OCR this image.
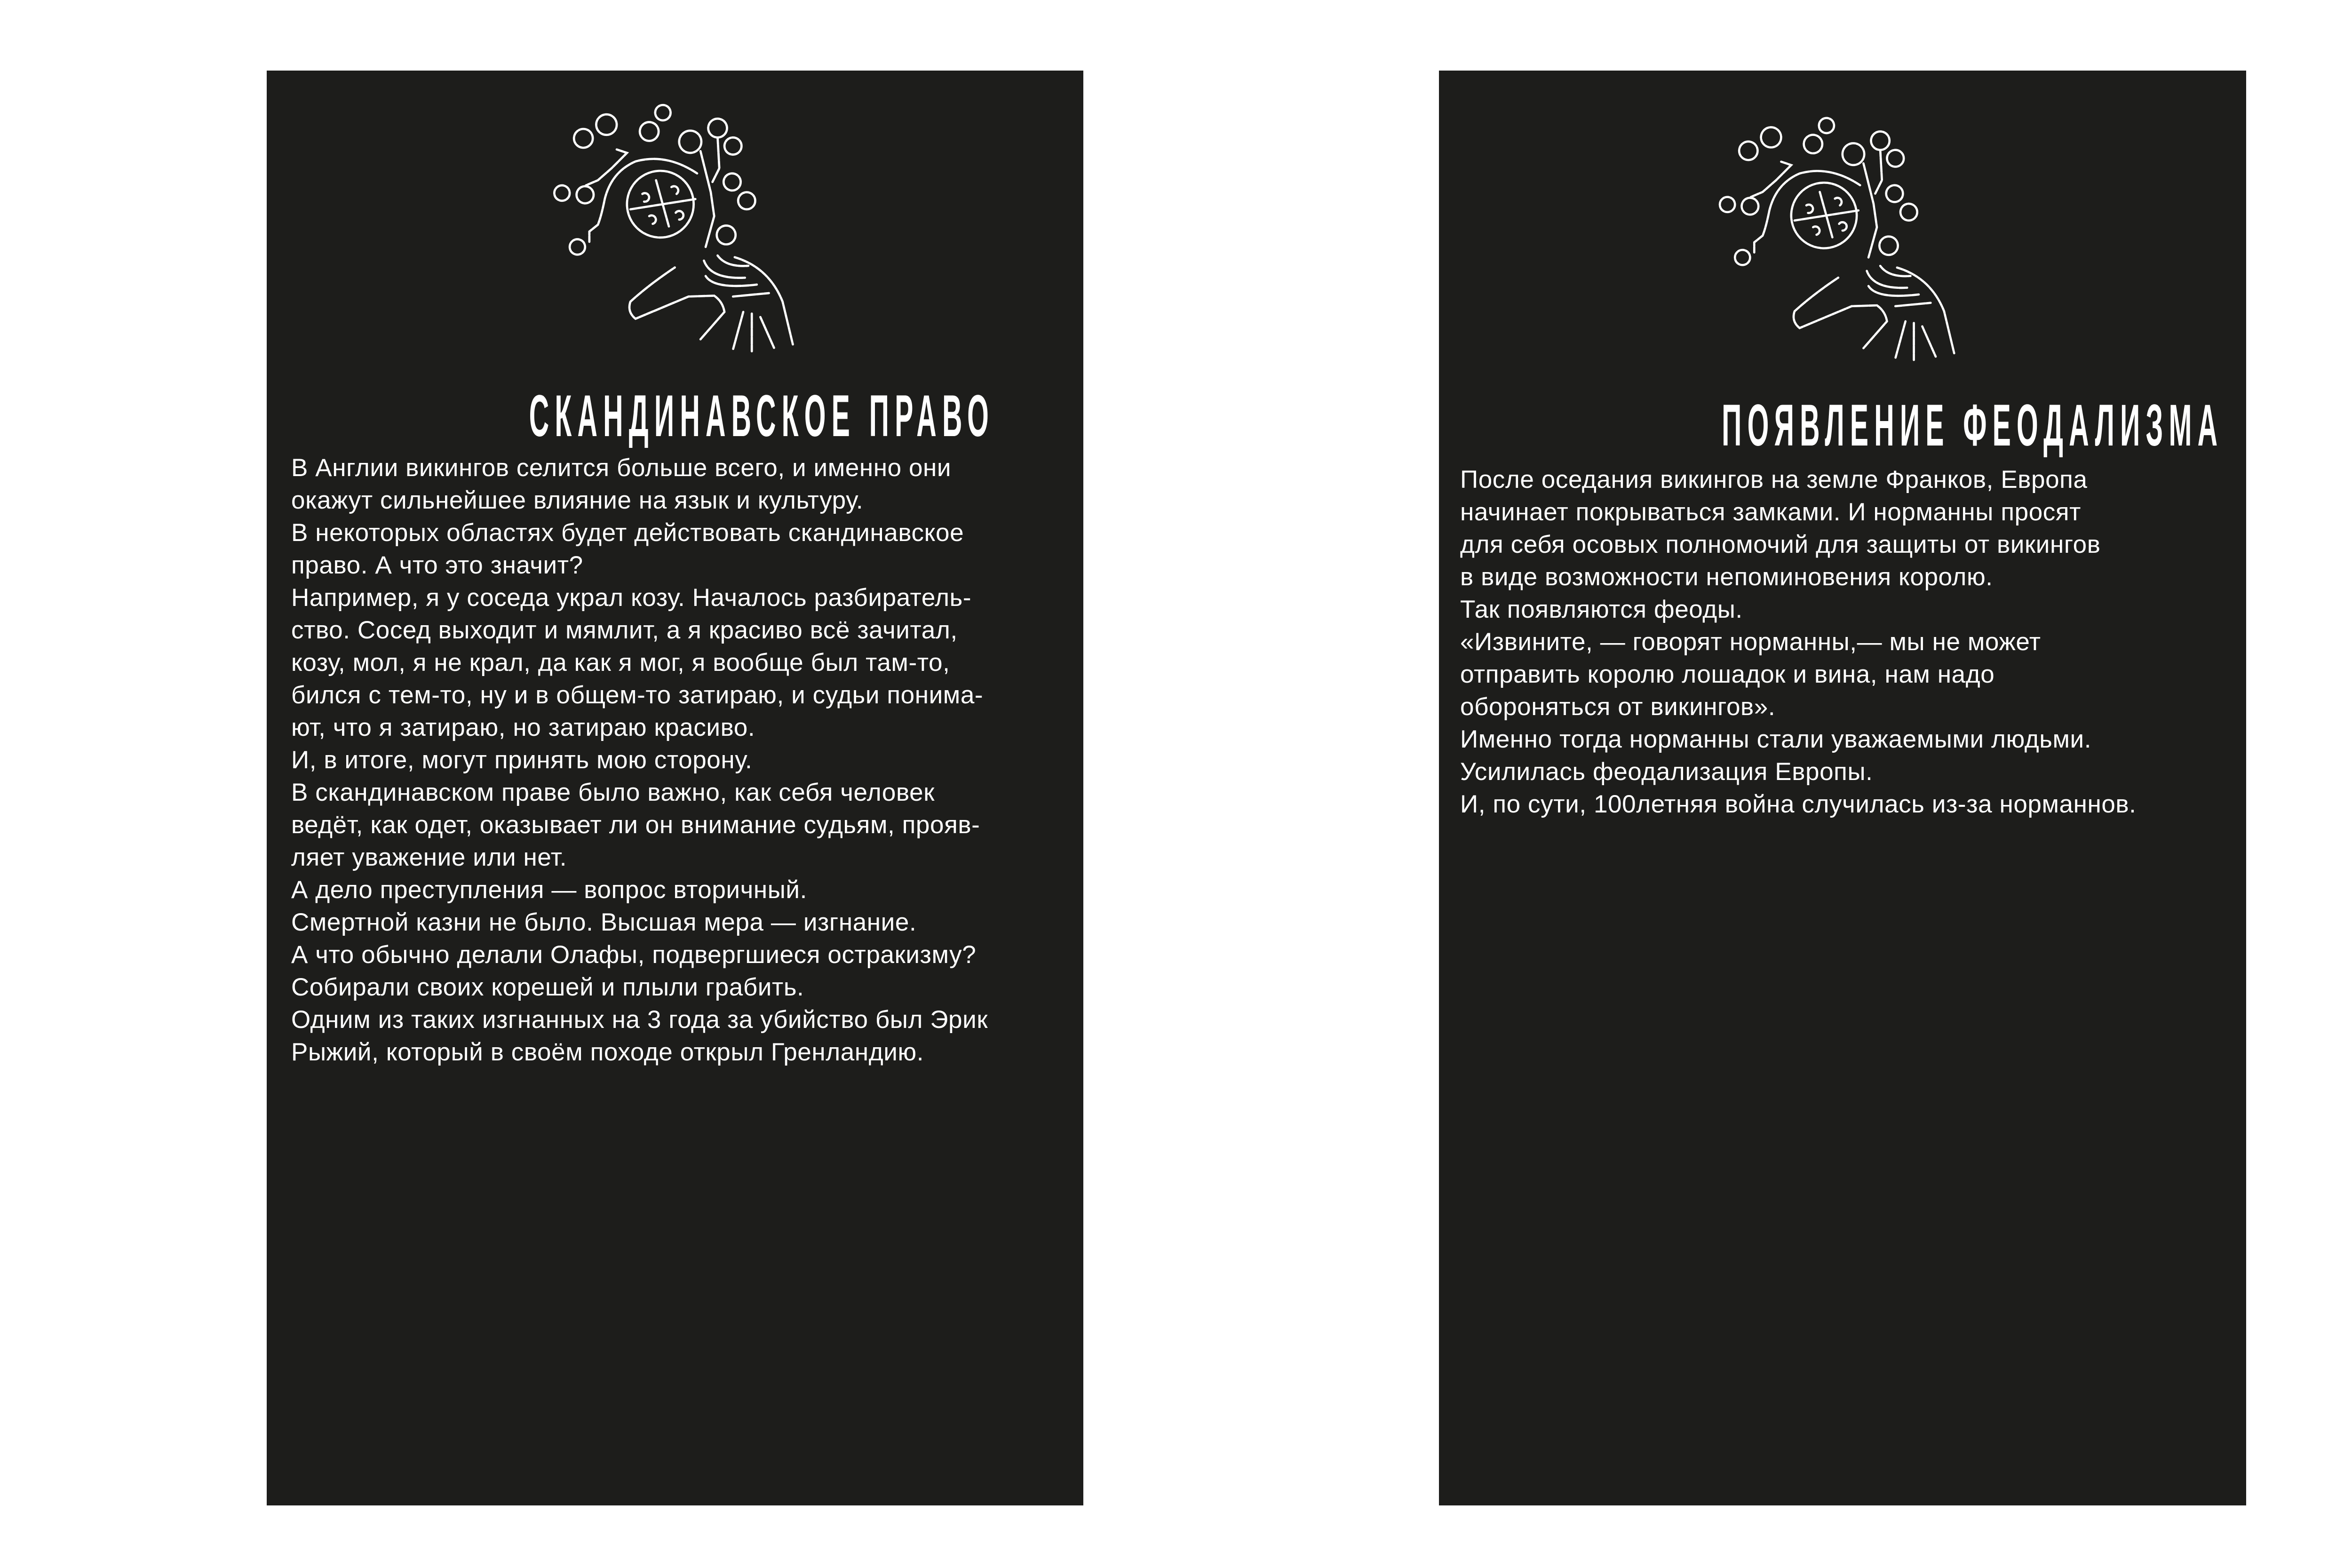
СКАНДИНАВСКОЕ ПРАВО
В Англии викингов селится больше всего, и именно они
окажут сильнейшее влияние на язык и культуру.
В некоторых областях будет действовать скандинавское
право. А что это значит?
Например, я у соседа украл козу. Началось разбиратель-
ство. Сосед выходит и мямлит, а я красиво всё зачитал,
козу, мол, я не крал, да как я мог, я вообще был там-то,
бился с тем-то, ну и в общем-то затираю, и судьи понима-
ют, что я затираю, но затираю красиво.
И, в итоге, могут принять мою сторону.
В скандинавском праве было важно, как себя человек
ведёт, как одет, оказывает ли он внимание судьям, прояв-
ляет уважение или нет.
А дело преступления — вопрос вторичный.
Смертной казни не было. Высшая мера — изгнание.
А что обычно делали Олафы, подвергшиеся остракизму?
Собирали своих корешей и плыли грабить.
Одним из таких изгнанных на 3 года за убийство был Эрик
Рыжий, который в своём походе открыл Гренландию.
ПОЯВЛЕНИЕ ФЕОДАЛИЗМА
После оседания викингов на земле Франков, Европа
начинает покрываться замками. И норманны просят
для себя осовых полномочий для защиты от викингов
в виде возможности непоминовения королю.
Так появляются феоды.
«Извините, — говорят норманны,— мы не может
отправить королю лошадок и вина, нам надо
обороняться от викингов».
Именно тогда норманны стали уважаемыми людьми.
Усилилась феодализация Европы.
И, по сути, 100летняя война случилась из-за норманнов.
